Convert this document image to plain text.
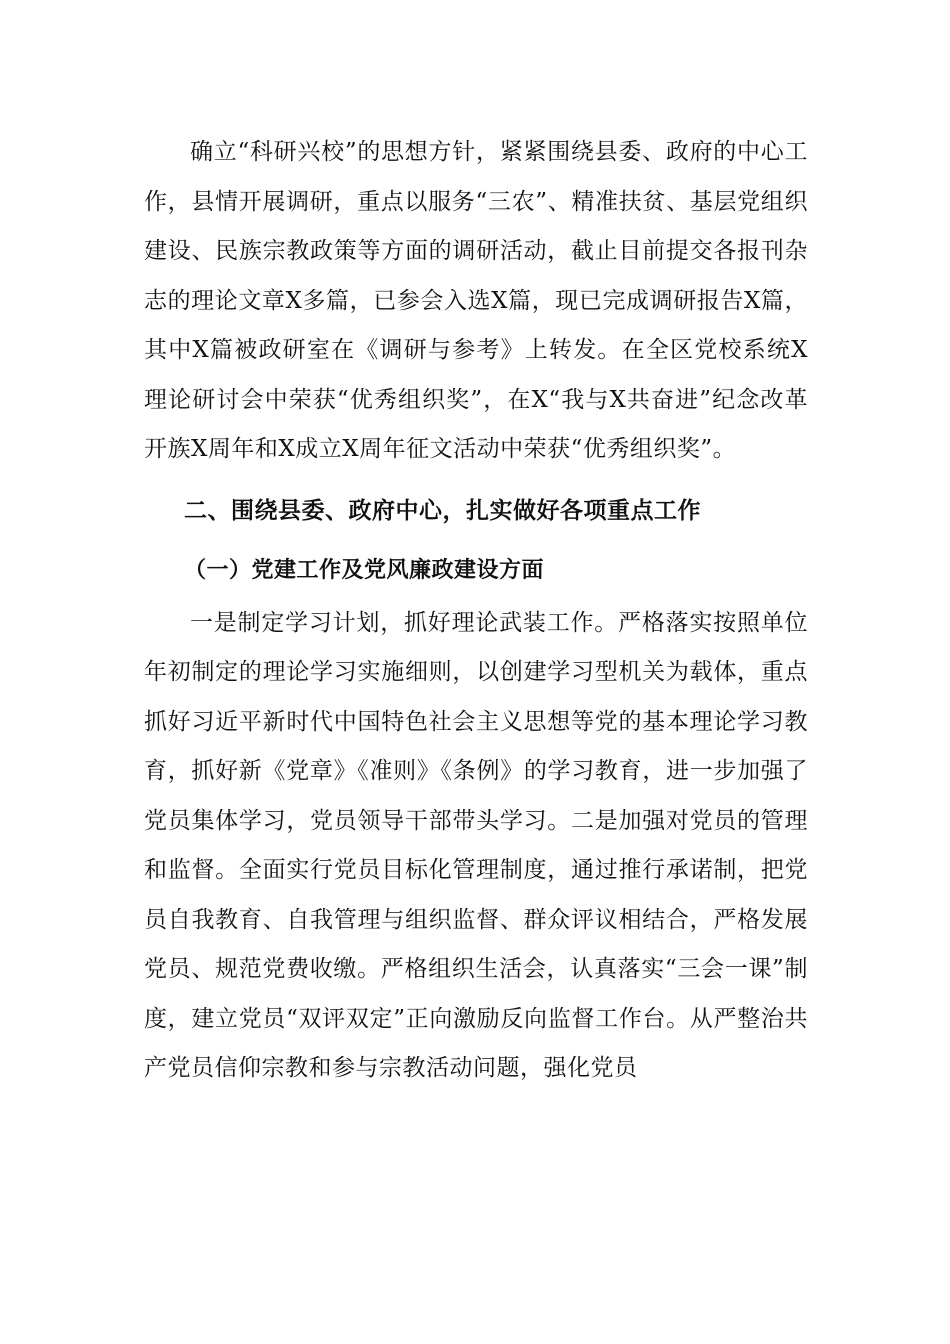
确立“科研兴校”的思想方针，紧紧围绕县委、政府的中心工作，县情开展调研，重点以服务“三农”、精准扶贫、基层党组织建设、民族宗教政策等方面的调研活动，截止目前提交各报刊杂志的理论文章X多篇，已参会入选X篇，现已完成调研报告X篇，其中X篇被政研室在《调研与参考》上转发。在全区党校系统X理论研讨会中荣获“优秀组织奖”，在X“我与X共奋进”纪念改革开族X周年和X成立X周年征文活动中荣获“优秀组织奖”。

二、围绕县委、政府中心，扎实做好各项重点工作
（一）党建工作及党风廉政建设方面

一是制定学习计划，抓好理论武装工作。严格落实按照单位年初制定的理论学习实施细则，以创建学习型机关为载体，重点抓好习近平新时代中国特色社会主义思想等党的基本理论学习教育，抓好新《党章》《准则》《条例》的学习教育，进一步加强了党员集体学习，党员领导干部带头学习。二是加强对党员的管理和监督。全面实行党员目标化管理制度，通过推行承诺制，把党员自我教育、自我管理与组织监督、群众评议相结合，严格发展党员、规范党费收缴。严格组织生活会，认真落实“三会一课”制度，建立党员“双评双定”正向激励反向监督工作台。从严整治共产党员信仰宗教和参与宗教活动问题，强化党员
